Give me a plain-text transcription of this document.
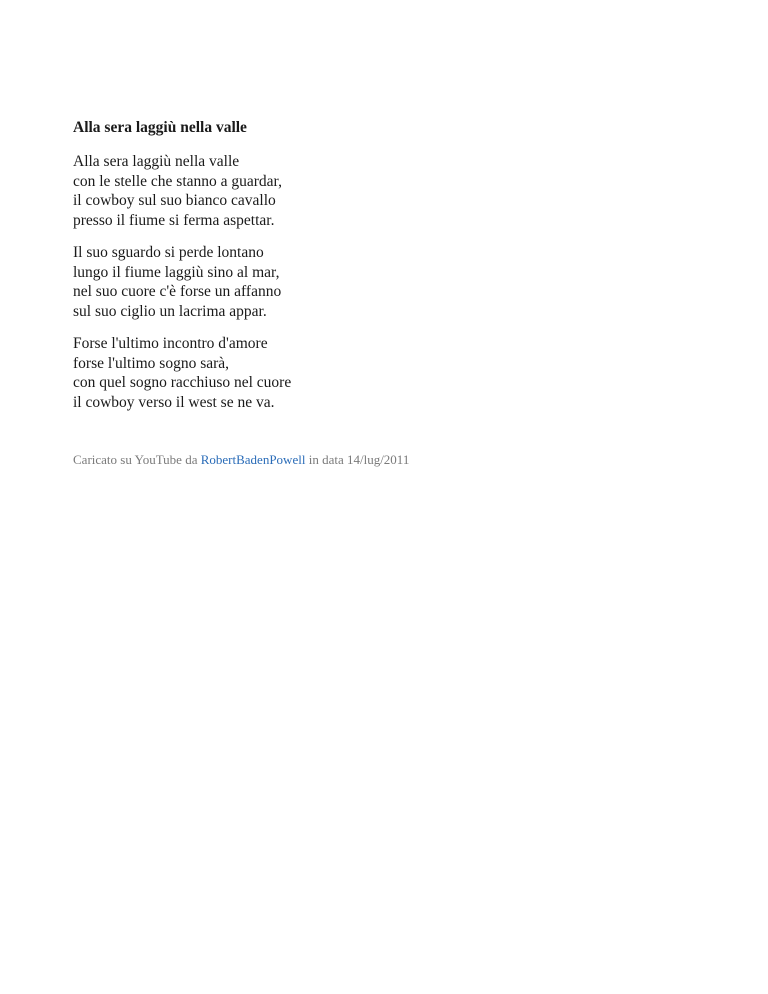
Alla sera laggiù nella valle
Alla sera laggiù nella valle
con le stelle che stanno a guardar,
il cowboy sul suo bianco cavallo
presso il fiume si ferma aspettar.
Il suo sguardo si perde lontano
lungo il fiume laggiù sino al mar,
nel suo cuore c'è forse un affanno
sul suo ciglio un lacrima appar.
Forse l'ultimo incontro d'amore
forse l'ultimo sogno sarà,
con quel sogno racchiuso nel cuore
il cowboy verso il west se ne va.
Caricato su YouTube da RobertBadenPowell in data 14/lug/2011
